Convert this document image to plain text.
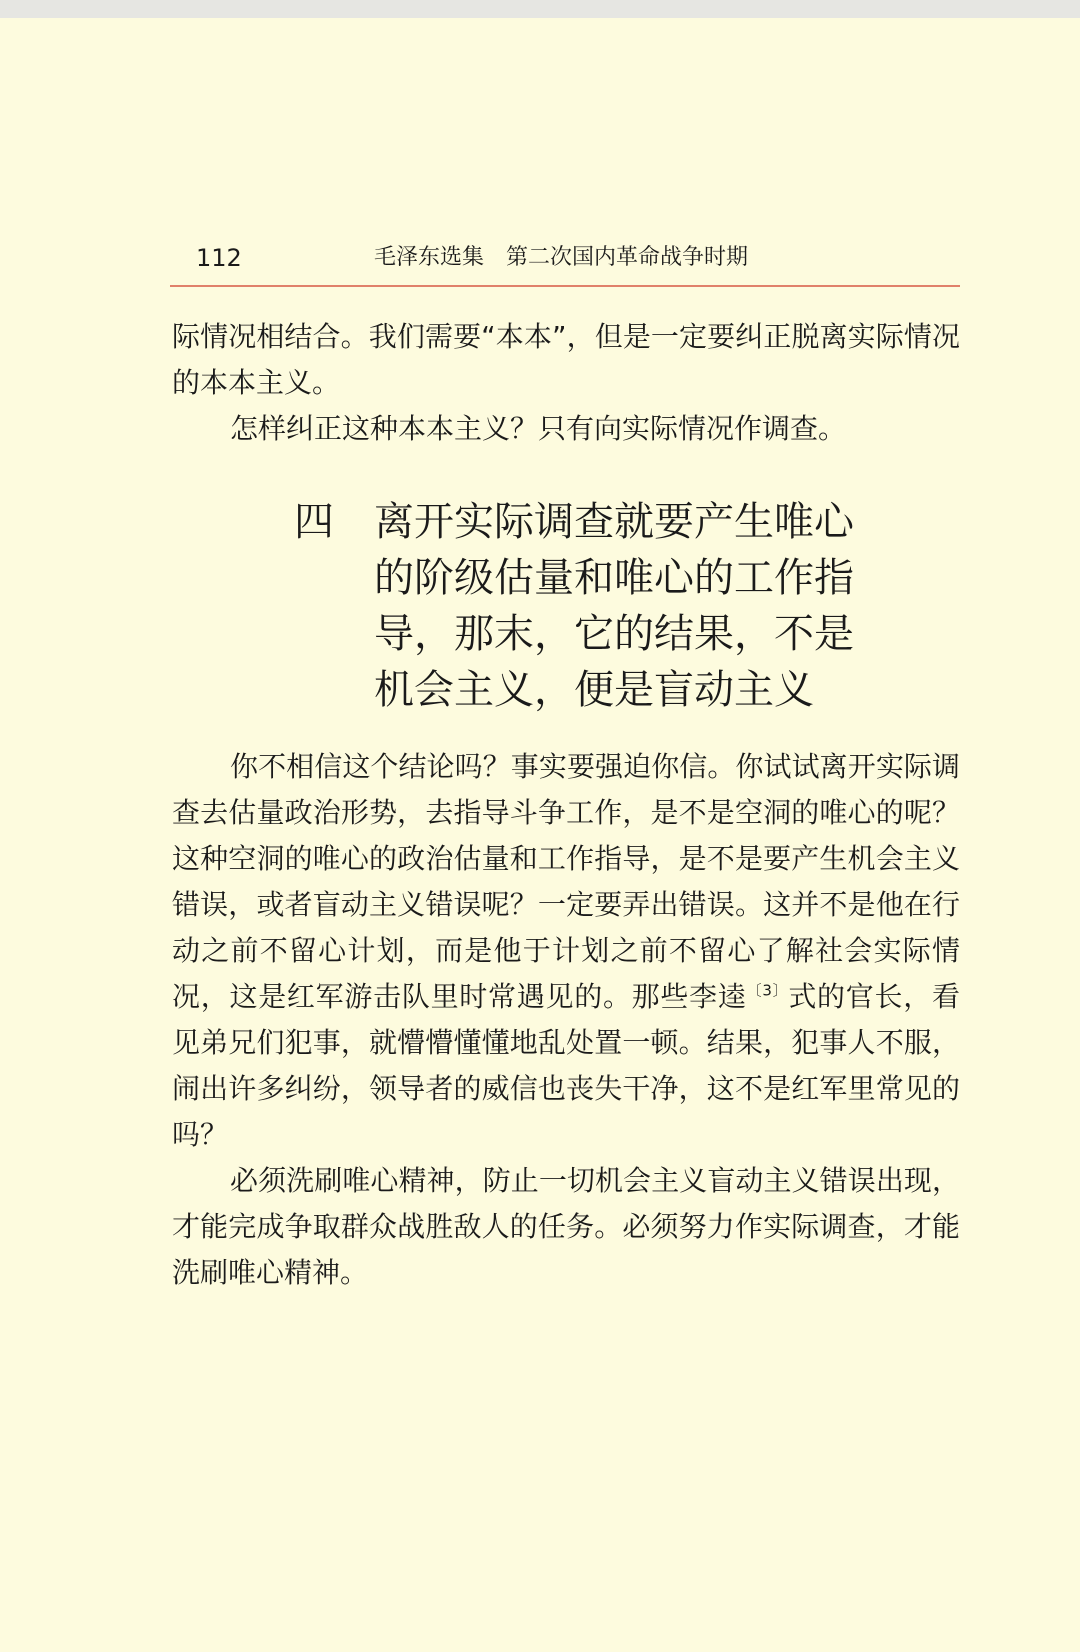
112	毛泽东选集　第二次国内革命战争时期

际情况相结合。我们需要“本本”，但是一定要纠正脱离实际情况的本本主义。

怎样纠正这种本本主义？只有向实际情况作调查。

四 离开实际调查就要产生唯心的阶级估量和唯心的工作指导，那末，它的结果，不是机会主义，便是盲动主义

你不相信这个结论吗？事实要强迫你信。你试试离开实际调查去估量政治形势，去指导斗争工作，是不是空洞的唯心的呢？这种空洞的唯心的政治估量和工作指导，是不是要产生机会主义错误，或者盲动主义错误呢？一定要弄出错误。这并不是他在行动之前不留心计划，而是他于计划之前不留心了解社会实际情况，这是红军游击队里时常遇见的。那些李逵$^{〔3〕}$式的官长，看见弟兄们犯事，就懵懵懂懂地乱处置一顿。结果，犯事人不服，闹出许多纠纷，领导者的威信也丧失干净，这不是红军里常见的吗？

必须洗刷唯心精神，防止一切机会主义盲动主义错误出现，才能完成争取群众战胜敌人的任务。必须努力作实际调查，才能洗刷唯心精神。
